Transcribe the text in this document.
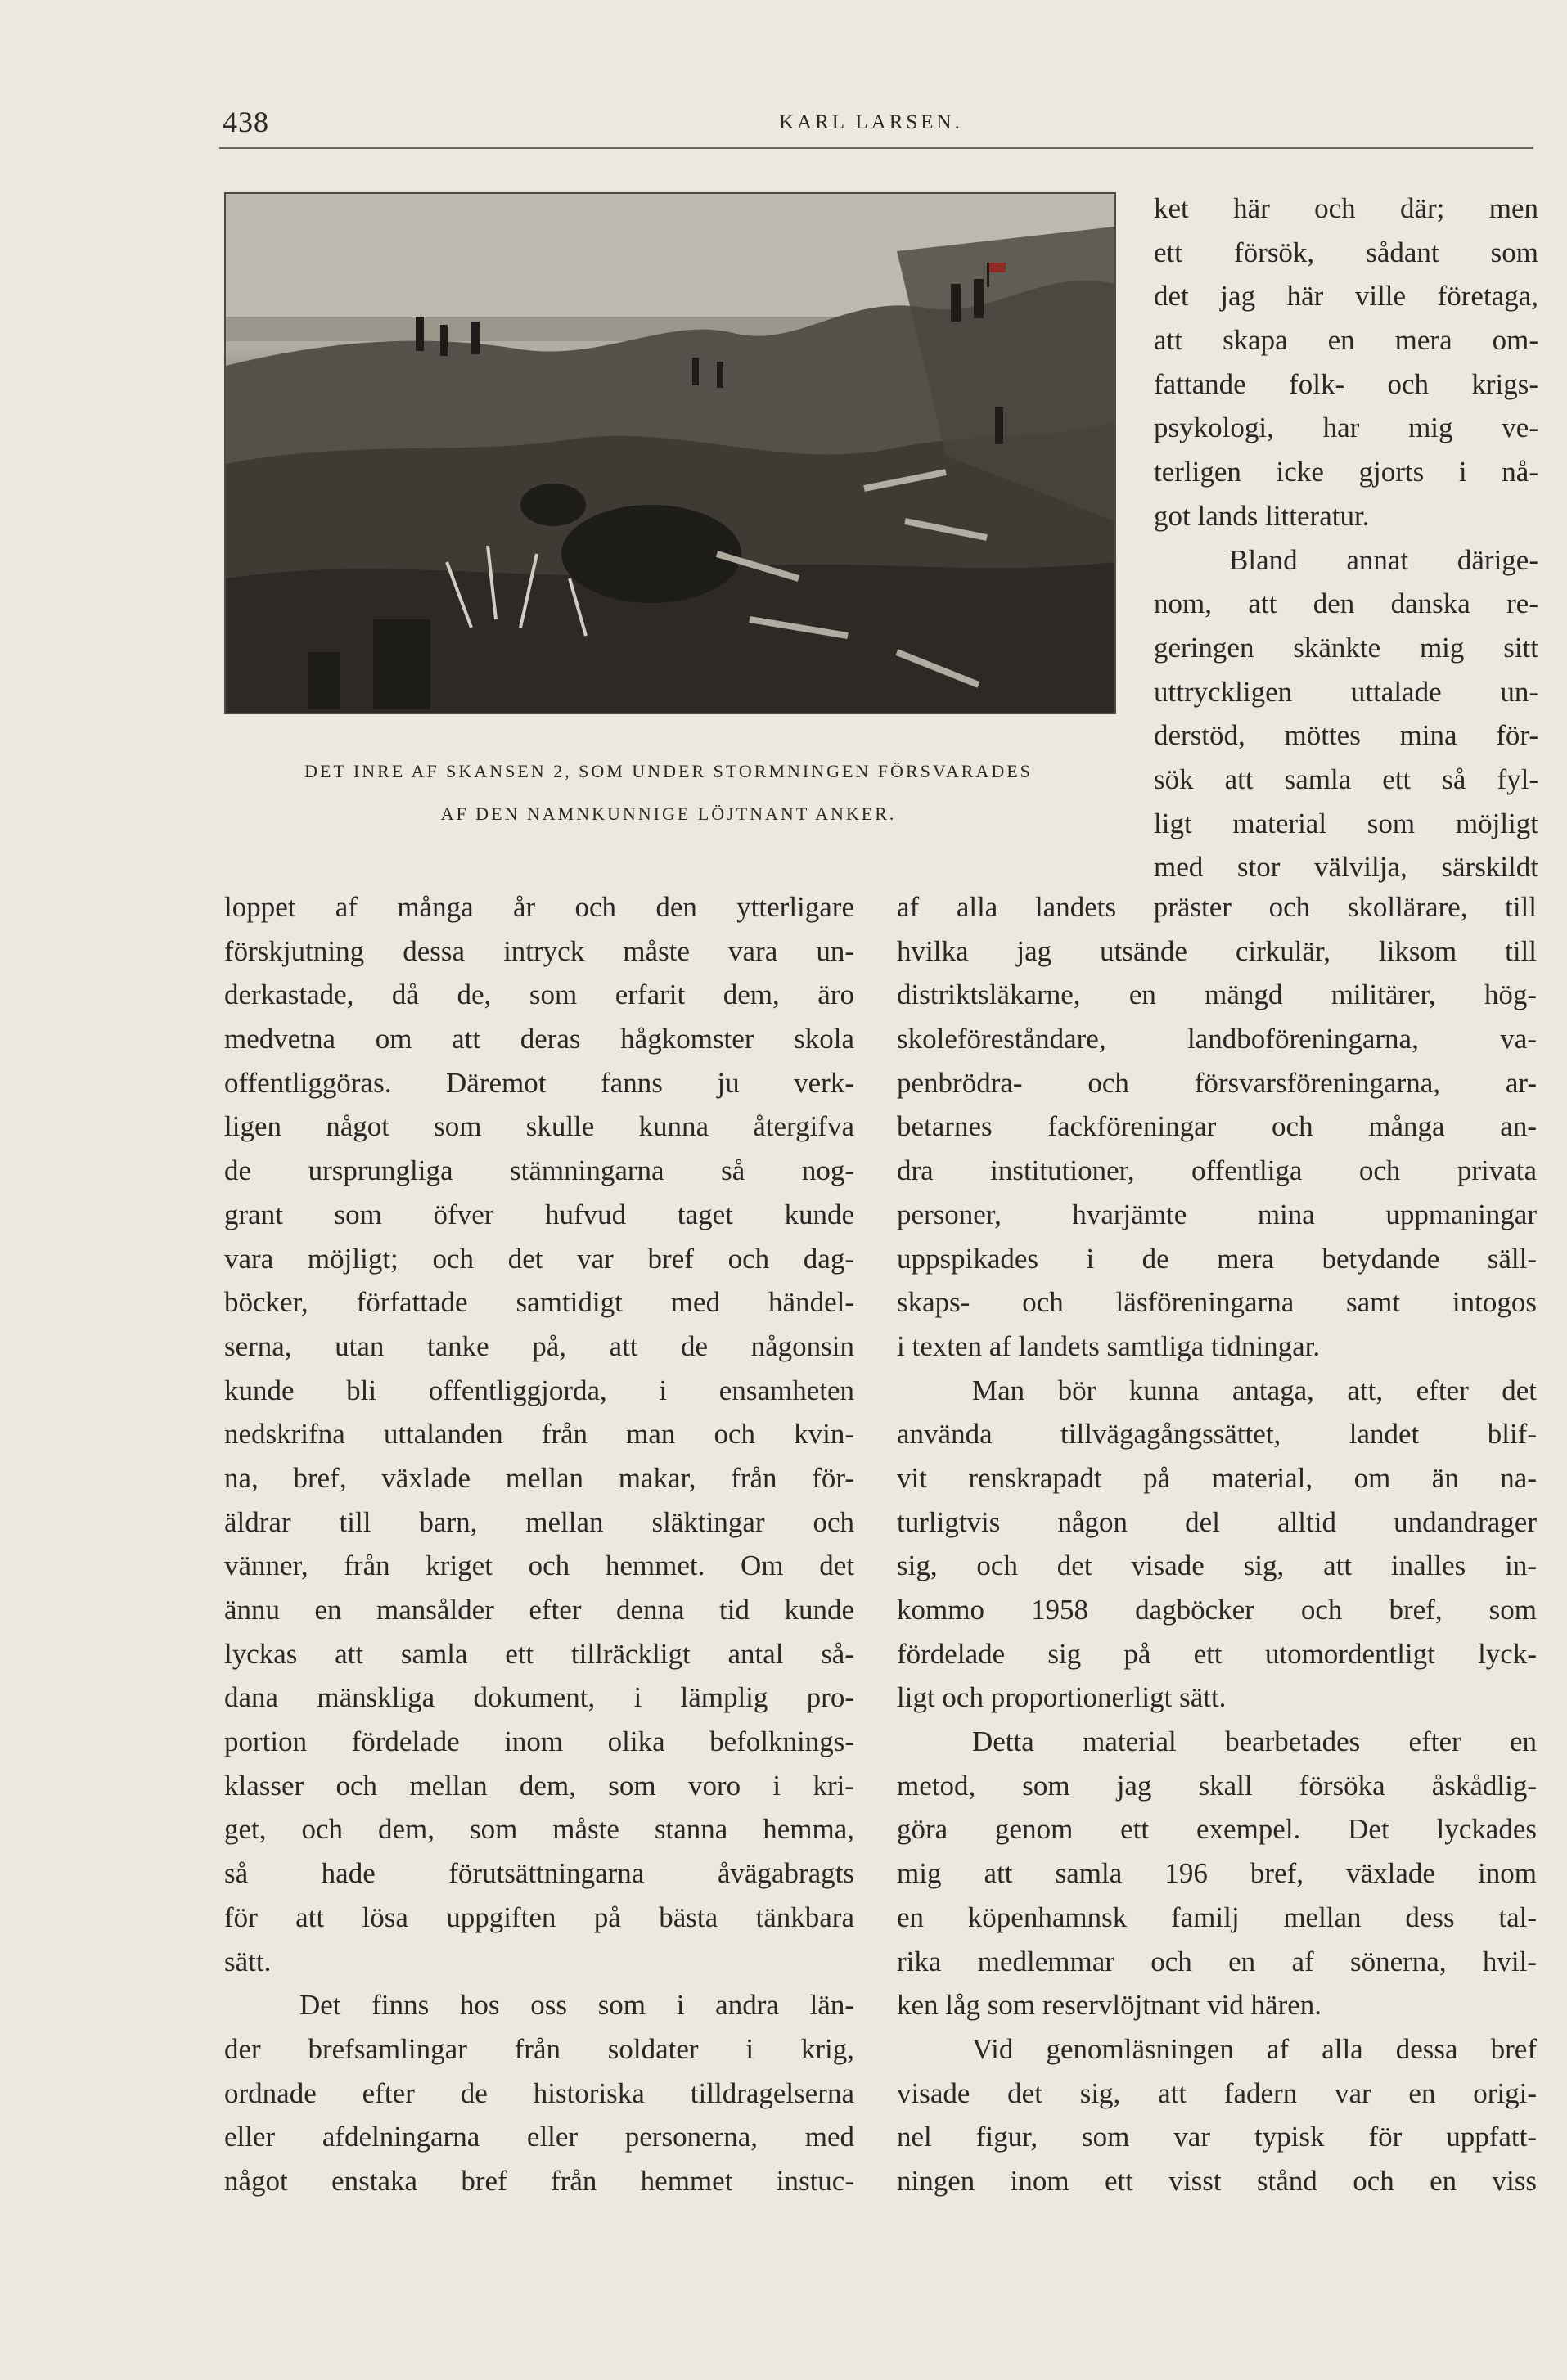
438	KARL LARSEN.
DET INRE AF SKANSEN 2, SOM UNDER STORMNINGEN FÖRSVARADES
AF DEN NAMNKUNNIGE LÖJTNANT ANKER.
ket här och där; men
ett försök, sådant som
det jag här ville företaga,
att skapa en mera om-
fattande folk- och krigs-
psykologi, har mig ve-
terligen icke gjorts i nå-
got lands litteratur.
Bland annat därige-
nom, att den danska re-
geringen skänkte mig sitt
uttryckligen uttalade un-
derstöd, möttes mina för-
sök att samla ett så fyl-
ligt material som möjligt
med stor välvilja, särskildt
loppet af många år och den ytterligare
förskjutning dessa intryck måste vara un-
derkastade, då de, som erfarit dem, äro
medvetna om att deras hågkomster skola
offentliggöras. Däremot fanns ju verk-
ligen något som skulle kunna återgifva
de ursprungliga stämningarna så nog-
grant som öfver hufvud taget kunde
vara möjligt; och det var bref och dag-
böcker, författade samtidigt med händel-
serna, utan tanke på, att de någonsin
kunde bli offentliggjorda, i ensamheten
nedskrifna uttalanden från man och kvin-
na, bref, växlade mellan makar, från för-
äldrar till barn, mellan släktingar och
vänner, från kriget och hemmet. Om det
ännu en mansålder efter denna tid kunde
lyckas att samla ett tillräckligt antal så-
dana mänskliga dokument, i lämplig pro-
portion fördelade inom olika befolknings-
klasser och mellan dem, som voro i kri-
get, och dem, som måste stanna hemma,
så hade förutsättningarna åvägabragts
för att lösa uppgiften på bästa tänkbara
sätt.
Det finns hos oss som i andra län-
der brefsamlingar från soldater i krig,
ordnade efter de historiska tilldragelserna
eller afdelningarna eller personerna, med
något enstaka bref från hemmet instuc-
af alla landets präster och skollärare, till
hvilka jag utsände cirkulär, liksom till
distriktsläkarne, en mängd militärer, hög-
skoleföreståndare, landboföreningarna, va-
penbrödra- och försvarsföreningarna, ar-
betarnes fackföreningar och många an-
dra institutioner, offentliga och privata
personer, hvarjämte mina uppmaningar
uppspikades i de mera betydande säll-
skaps- och läsföreningarna samt intogos
i texten af landets samtliga tidningar.
Man bör kunna antaga, att, efter det
använda tillvägagångssättet, landet blif-
vit renskrapadt på material, om än na-
turligtvis någon del alltid undandrager
sig, och det visade sig, att inalles in-
kommo 1958 dagböcker och bref, som
fördelade sig på ett utomordentligt lyck-
ligt och proportionerligt sätt.
Detta material bearbetades efter en
metod, som jag skall försöka åskådlig-
göra genom ett exempel. Det lyckades
mig att samla 196 bref, växlade inom
en köpenhamnsk familj mellan dess tal-
rika medlemmar och en af sönerna, hvil-
ken låg som reservlöjtnant vid hären.
Vid genomläsningen af alla dessa bref
visade det sig, att fadern var en origi-
nel figur, som var typisk för uppfatt-
ningen inom ett visst stånd och en viss
